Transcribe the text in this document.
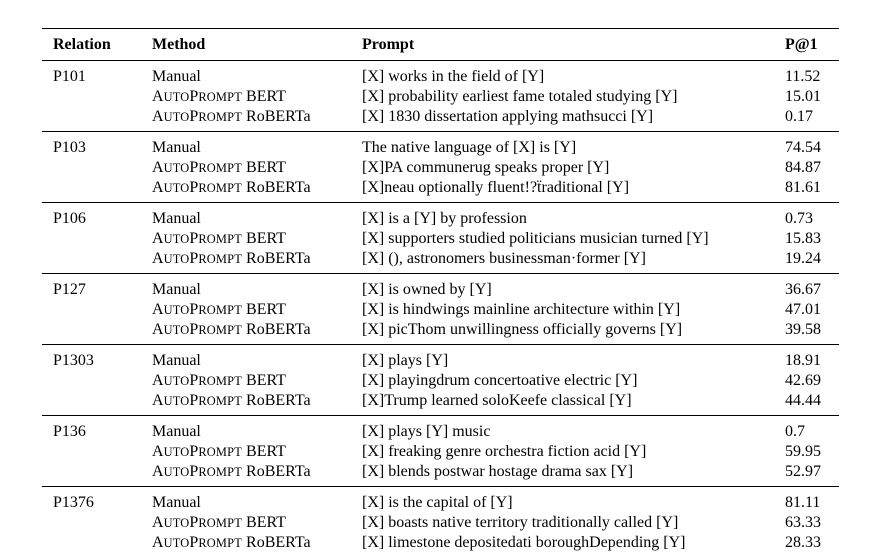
Relation	Method	Prompt	P@1
P101	Manual	[X] works in the field of [Y]	11.52
	AUTOPROMPT BERT	[X] probability earliest fame totaled studying [Y]	15.01
	AUTOPROMPT RoBERTa	[X] 1830 dissertation applying mathsucci [Y]	0.17
P103	Manual	The native language of [X] is [Y]	74.54
	AUTOPROMPT BERT	[X]PA communerug speaks proper [Y]	84.87
	AUTOPROMPT RoBERTa	[X]neau optionally fluent!?ẗraditional [Y]	81.61
P106	Manual	[X] is a [Y] by profession	0.73
	AUTOPROMPT BERT	[X] supporters studied politicians musician turned [Y]	15.83
	AUTOPROMPT RoBERTa	[X] (), astronomers businessman·former [Y]	19.24
P127	Manual	[X] is owned by [Y]	36.67
	AUTOPROMPT BERT	[X] is hindwings mainline architecture within [Y]	47.01
	AUTOPROMPT RoBERTa	[X] picThom unwillingness officially governs [Y]	39.58
P1303	Manual	[X] plays [Y]	18.91
	AUTOPROMPT BERT	[X] playingdrum concertoative electric [Y]	42.69
	AUTOPROMPT RoBERTa	[X]Trump learned soloKeefe classical [Y]	44.44
P136	Manual	[X] plays [Y] music	0.7
	AUTOPROMPT BERT	[X] freaking genre orchestra fiction acid [Y]	59.95
	AUTOPROMPT RoBERTa	[X] blends postwar hostage drama sax [Y]	52.97
P1376	Manual	[X] is the capital of [Y]	81.11
	AUTOPROMPT BERT	[X] boasts native territory traditionally called [Y]	63.33
	AUTOPROMPT RoBERTa	[X] limestone depositedati boroughDepending [Y]	28.33
